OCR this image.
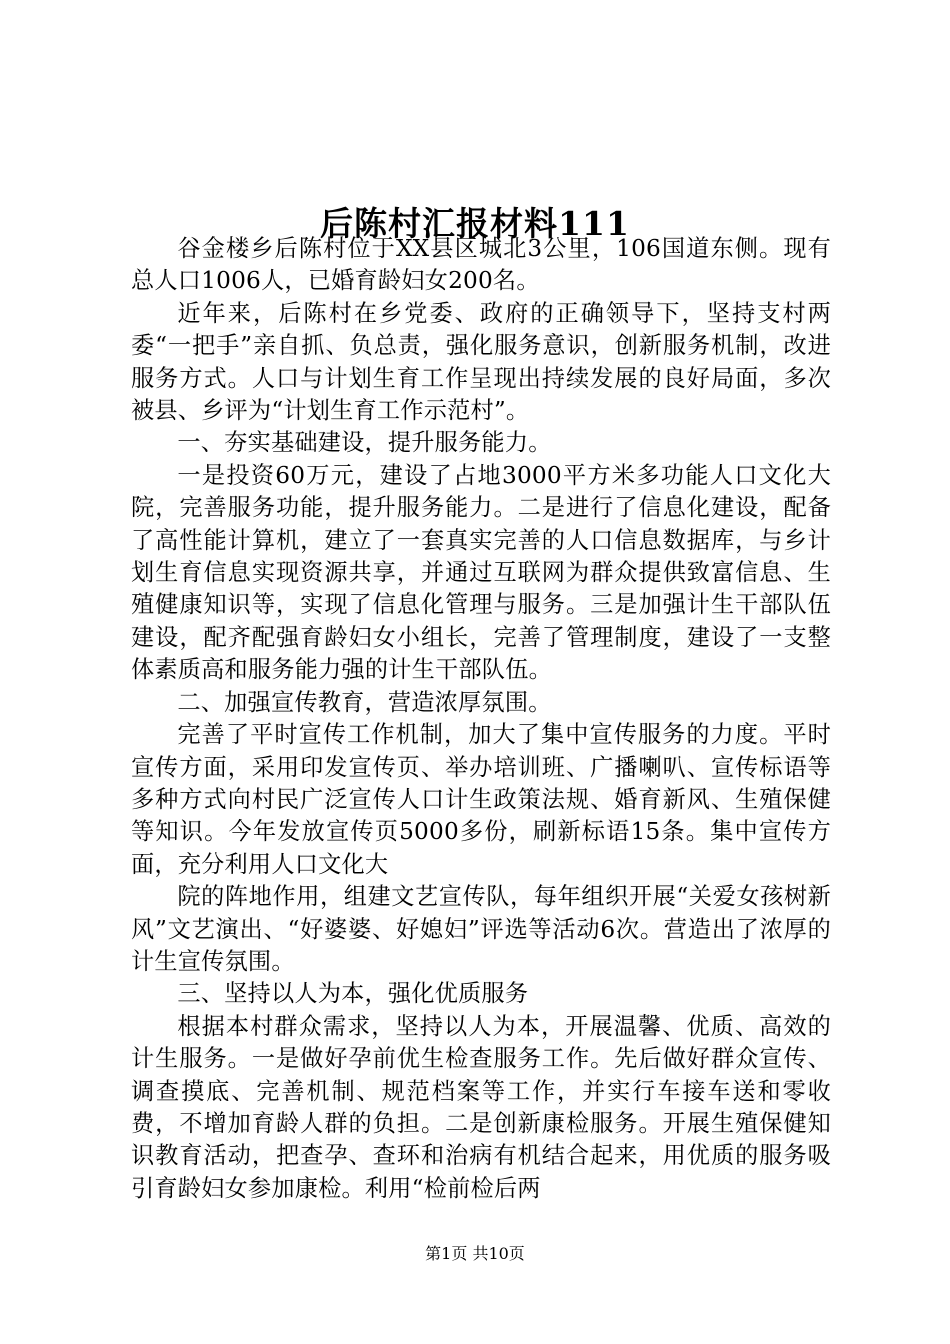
后陈村汇报材料111

谷金楼乡后陈村位于XX县区城北3公里，106国道东侧。现有总人口1006人，已婚育龄妇女200名。

近年来，后陈村在乡党委、政府的正确领导下，坚持支村两委“一把手”亲自抓、负总责，强化服务意识，创新服务机制，改进服务方式。人口与计划生育工作呈现出持续发展的良好局面，多次被县、乡评为“计划生育工作示范村”。

一、夯实基础建设，提升服务能力。

一是投资60万元，建设了占地3000平方米多功能人口文化大院，完善服务功能，提升服务能力。二是进行了信息化建设，配备了高性能计算机，建立了一套真实完善的人口信息数据库，与乡计划生育信息实现资源共享，并通过互联网为群众提供致富信息、生殖健康知识等，实现了信息化管理与服务。三是加强计生干部队伍建设，配齐配强育龄妇女小组长，完善了管理制度，建设了一支整体素质高和服务能力强的计生干部队伍。

二、加强宣传教育，营造浓厚氛围。

完善了平时宣传工作机制，加大了集中宣传服务的力度。平时宣传方面，采用印发宣传页、举办培训班、广播喇叭、宣传标语等多种方式向村民广泛宣传人口计生政策法规、婚育新风、生殖保健等知识。今年发放宣传页5000多份，刷新标语15条。集中宣传方面，充分利用人口文化大

院的阵地作用，组建文艺宣传队，每年组织开展“关爱女孩树新风”文艺演出、“好婆婆、好媳妇”评选等活动6次。营造出了浓厚的计生宣传氛围。

三、坚持以人为本，强化优质服务

根据本村群众需求，坚持以人为本，开展温馨、优质、高效的计生服务。一是做好孕前优生检查服务工作。先后做好群众宣传、调查摸底、完善机制、规范档案等工作，并实行车接车送和零收费，不增加育龄人群的负担。二是创新康检服务。开展生殖保健知识教育活动，把查孕、查环和治病有机结合起来，用优质的服务吸引育龄妇女参加康检。利用“检前检后两

第1页 共10页
